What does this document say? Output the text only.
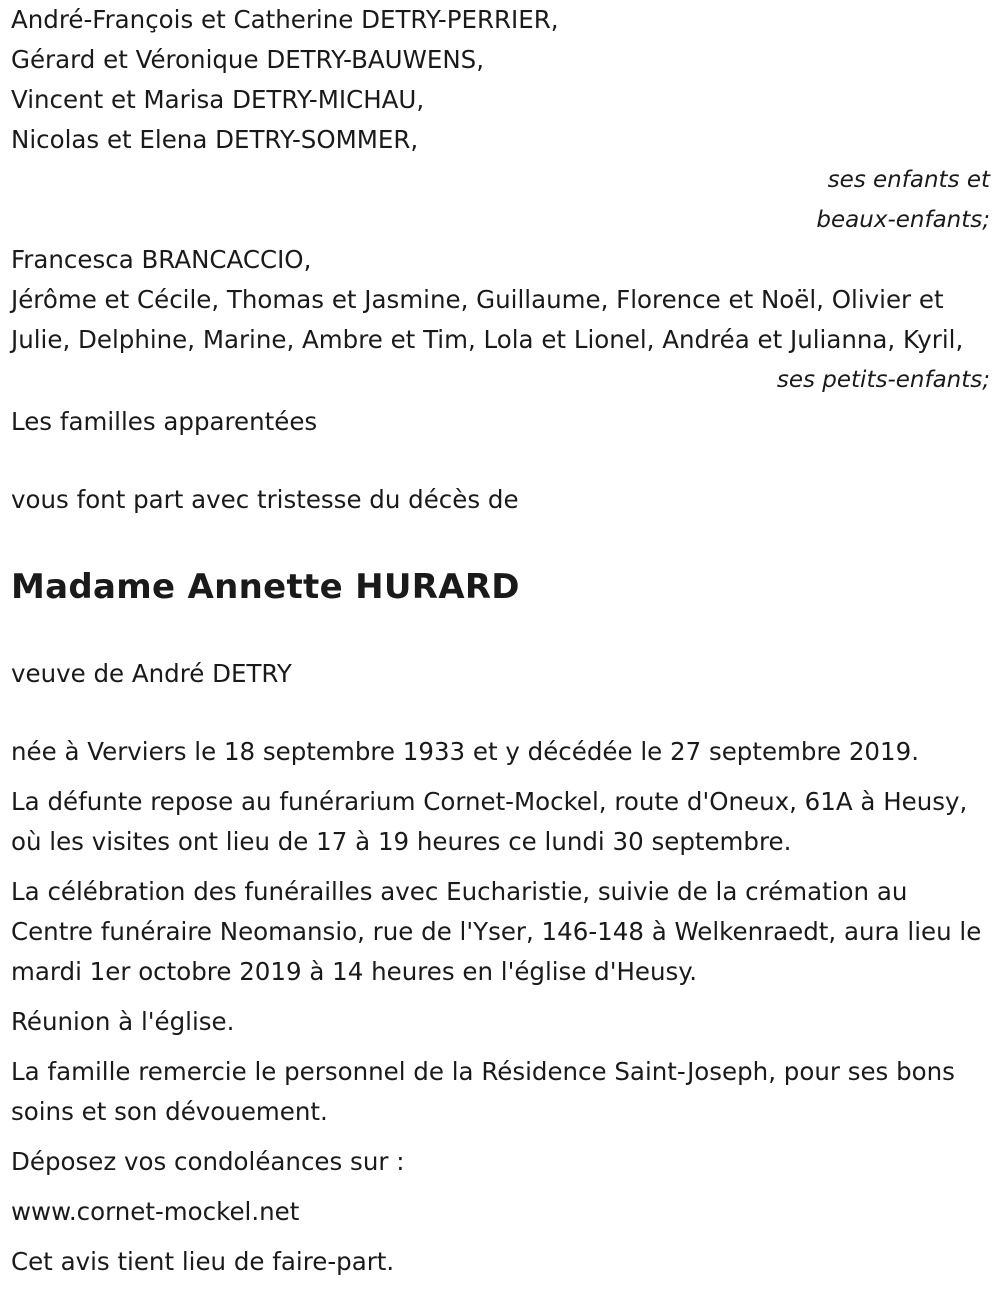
André-François et Catherine DETRY-PERRIER,

Gérard et Véronique DETRY-BAUWENS,

Vincent et Marisa DETRY-MICHAU,

Nicolas et Elena DETRY-SOMMER,

ses enfants et

beaux-enfants;

Francesca BRANCACCIO,

Jérôme et Cécile, Thomas et Jasmine, Guillaume, Florence et Noël, Olivier et Julie, Delphine, Marine, Ambre et Tim, Lola et Lionel, Andréa et Julianna, Kyril,

ses petits-enfants;

Les familles apparentées

vous font part avec tristesse du décès de

Madame Annette HURARD

veuve de André DETRY

née à Verviers le 18 septembre 1933 et y décédée le 27 septembre 2019.

La défunte repose au funérarium Cornet-Mockel, route d'Oneux, 61A à Heusy, où les visites ont lieu de 17 à 19 heures ce lundi 30 septembre.

La célébration des funérailles avec Eucharistie, suivie de la crémation au Centre funéraire Neomansio, rue de l'Yser, 146-148 à Welkenraedt, aura lieu le mardi 1er octobre 2019 à 14 heures en l'église d'Heusy.

Réunion à l'église.

La famille remercie le personnel de la Résidence Saint-Joseph, pour ses bons soins et son dévouement.

Déposez vos condoléances sur :

www.cornet-mockel.net

Cet avis tient lieu de faire-part.
